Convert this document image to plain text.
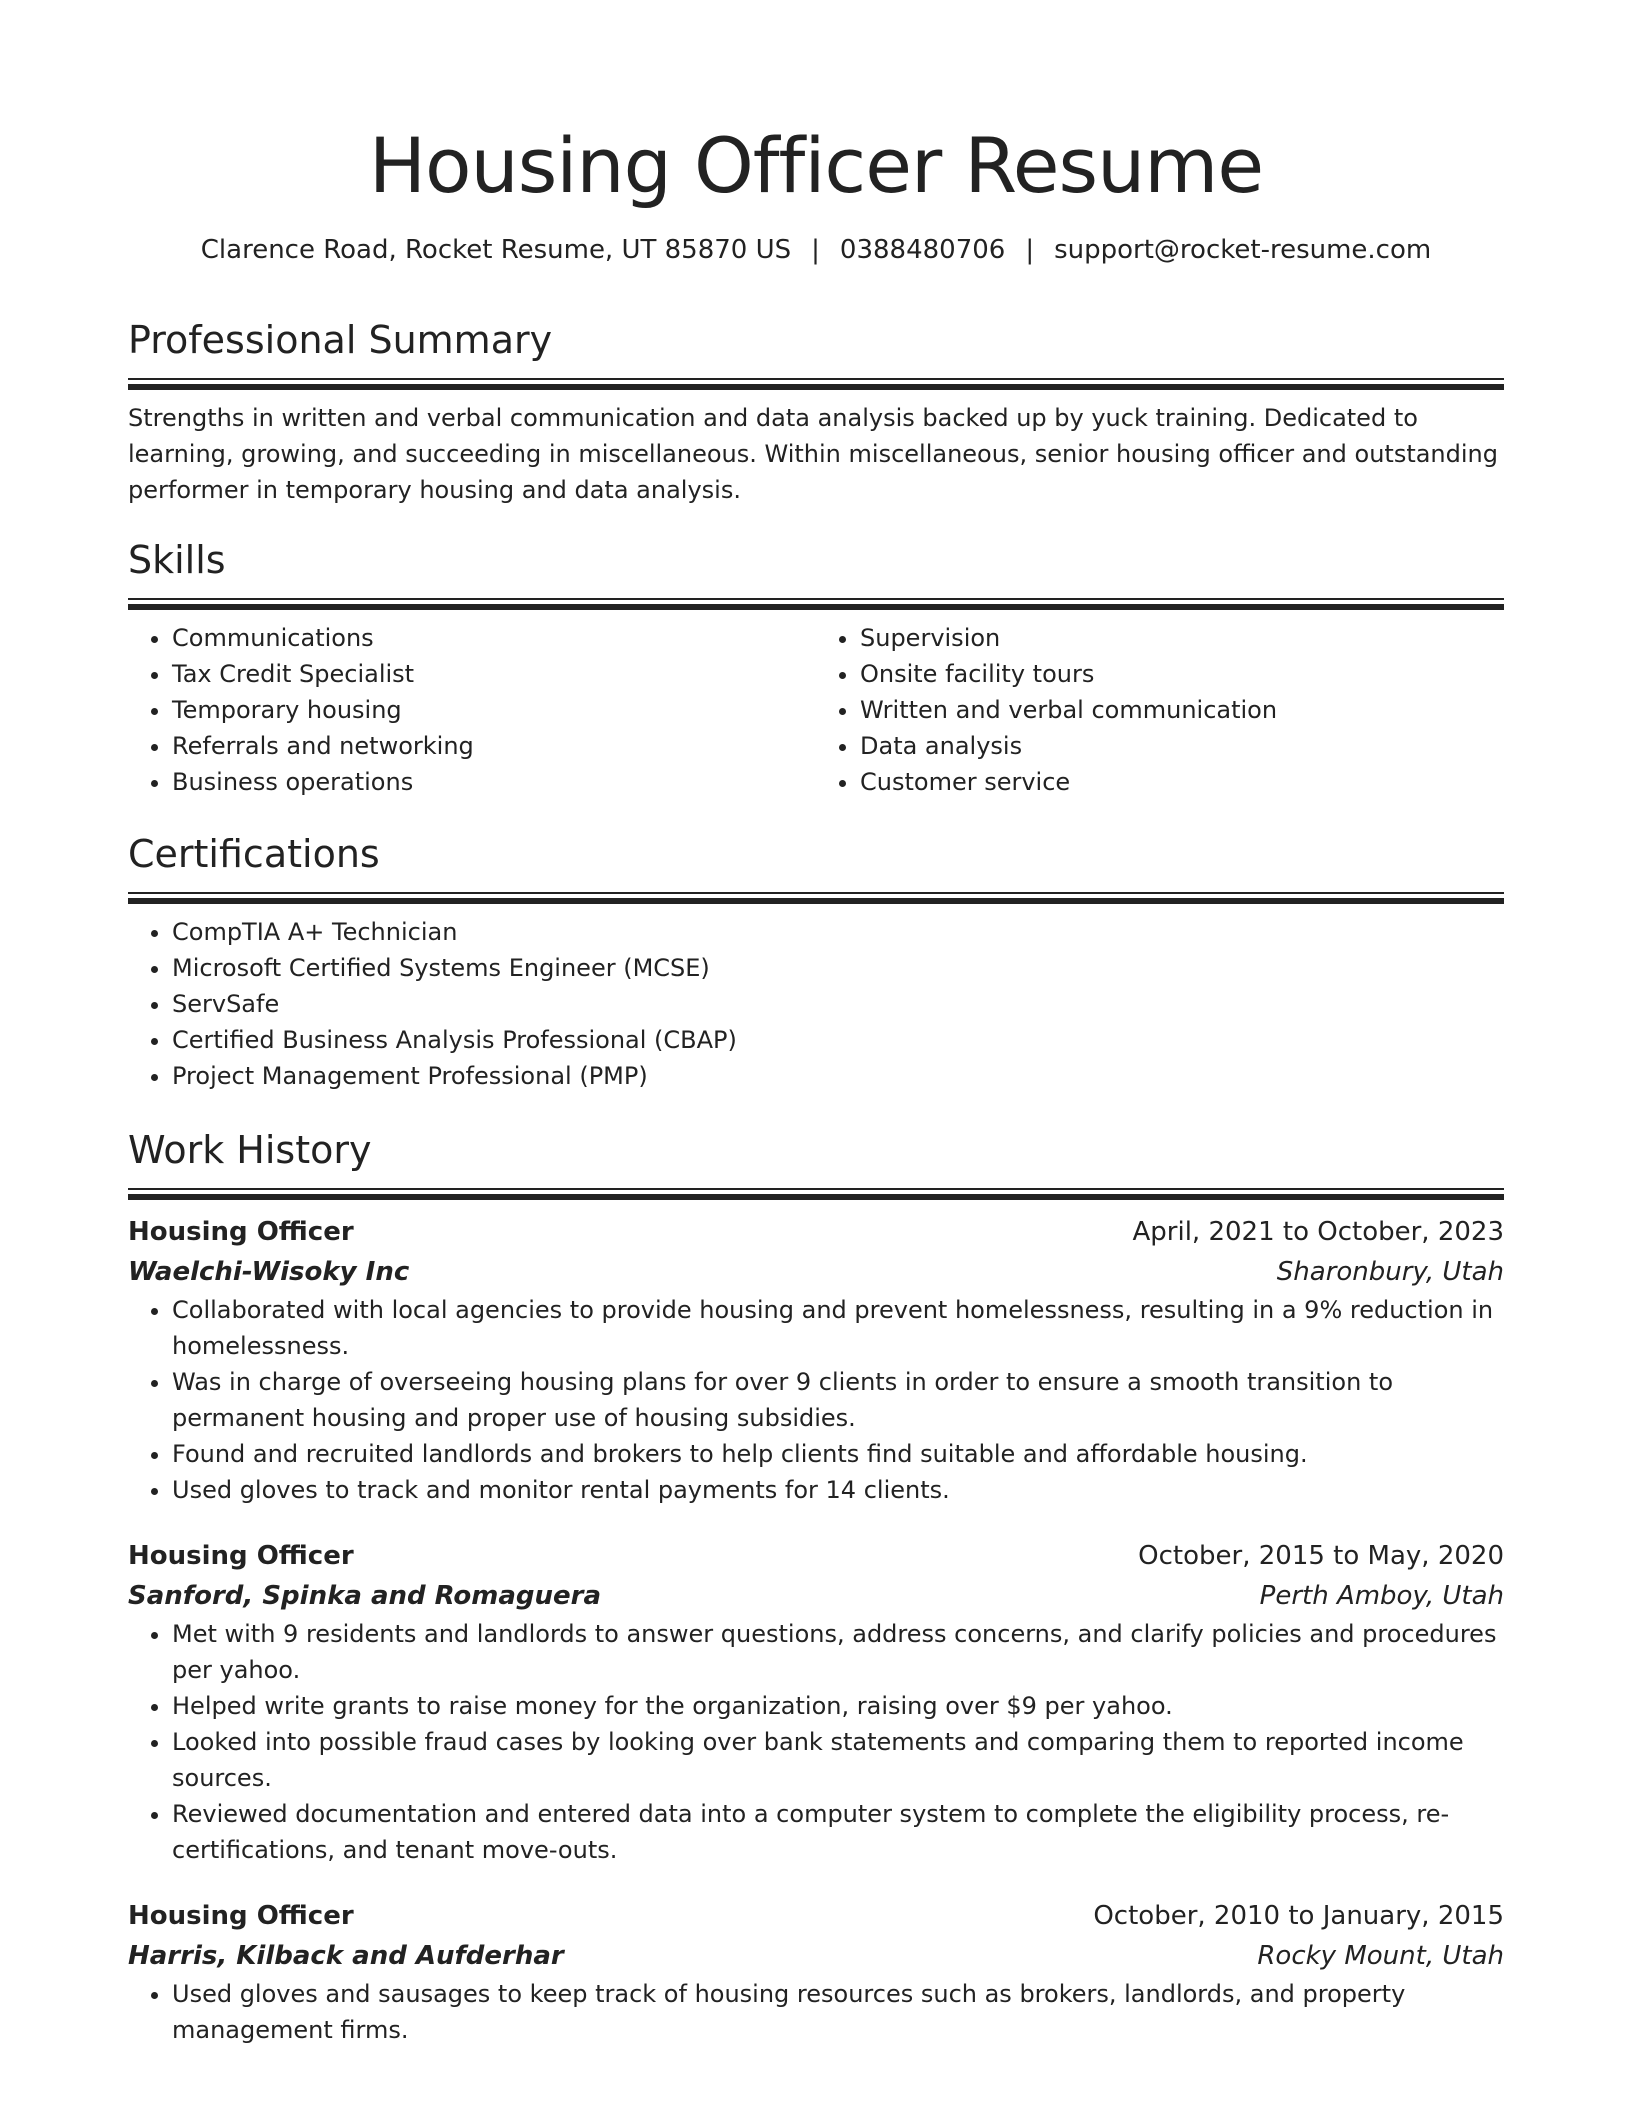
Housing Officer Resume
Clarence Road, Rocket Resume, UT 85870 US | 0388480706 | support@rocket-resume.com
Professional Summary
Strengths in written and verbal communication and data analysis backed up by yuck training. Dedicated to learning, growing, and succeeding in miscellaneous. Within miscellaneous, senior housing officer and outstanding performer in temporary housing and data analysis.
Skills
• Communications
• Tax Credit Specialist
• Temporary housing
• Referrals and networking
• Business operations
• Supervision
• Onsite facility tours
• Written and verbal communication
• Data analysis
• Customer service
Certifications
• CompTIA A+ Technician
• Microsoft Certified Systems Engineer (MCSE)
• ServSafe
• Certified Business Analysis Professional (CBAP)
• Project Management Professional (PMP)
Work History
Housing Officer	April, 2021 to October, 2023
Waelchi-Wisoky Inc	Sharonbury, Utah
• Collaborated with local agencies to provide housing and prevent homelessness, resulting in a 9% reduction in homelessness.
• Was in charge of overseeing housing plans for over 9 clients in order to ensure a smooth transition to permanent housing and proper use of housing subsidies.
• Found and recruited landlords and brokers to help clients find suitable and affordable housing.
• Used gloves to track and monitor rental payments for 14 clients.
Housing Officer	October, 2015 to May, 2020
Sanford, Spinka and Romaguera	Perth Amboy, Utah
• Met with 9 residents and landlords to answer questions, address concerns, and clarify policies and procedures per yahoo.
• Helped write grants to raise money for the organization, raising over $9 per yahoo.
• Looked into possible fraud cases by looking over bank statements and comparing them to reported income sources.
• Reviewed documentation and entered data into a computer system to complete the eligibility process, re-certifications, and tenant move-outs.
Housing Officer	October, 2010 to January, 2015
Harris, Kilback and Aufderhar	Rocky Mount, Utah
• Used gloves and sausages to keep track of housing resources such as brokers, landlords, and property management firms.
